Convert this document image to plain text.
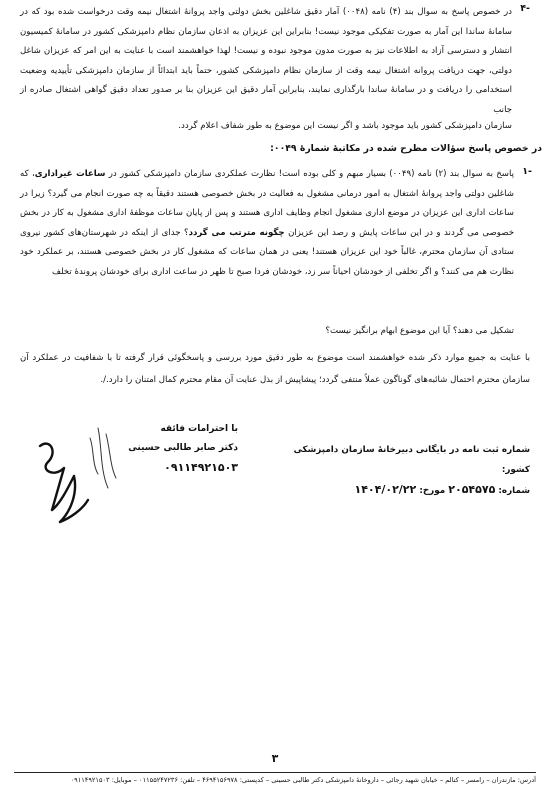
-۴
در خصوص پاسخ به سوال بند (۴) نامه (۰۰۴۸) آمار دقیق شاغلین بخش دولتی واجد پروانۀ اشتغال نیمه وقت درخواست شده بود که در سامانۀ ساندا این آمار به صورت تفکیکی موجود نیست! بنابراین این عزیزان به اذعان سازمان نظام دامپزشکی کشور در سامانۀ کمیسیون انتشار و دسترسی آزاد به اطلاعات نیز به صورت مدون موجود نبوده و نیست! لهذا خواهشمند است با عنایت به این امر که عزیزان شاغل دولتی، جهت دریافت پروانه اشتغال نیمه وقت از سازمان نظام دامپزشکی کشور، حتماً باید ابتدائاً از سازمان دامپزشکی تأییدیه وضعیت استخدامی را دریافت و در سامانۀ ساندا بارگذاری نمایند، بنابراین آمار دقیق این عزیزان بنا بر صدور تعداد دقیق گواهی اشتغال صادره از جانب
سازمان دامپزشکی کشور باید موجود باشد و اگر نیست این موضوع به طور شفاف اعلام گردد.
در خصوص پاسخ سؤالات مطرح شده در مکاتبۀ شمارۀ ۰۰۴۹:
-۱
پاسخ به سوال بند (۲) نامه (۰۰۴۹) بسیار مبهم و کلی بوده است! نظارت عملکردی سازمان دامپزشکی کشور در ساعات غیراداری، که شاغلین دولتی واجد پروانۀ اشتغال به امور درمانی مشغول به فعالیت در بخش خصوصی هستند دقیقاً به چه صورت انجام می گیرد؟ زیرا در ساعات اداری این عزیزان در موضع اداری مشغول انجام وظایف اداری هستند و پس از پایان ساعات موظفۀ اداری مشغول به کار در بخش خصوصی می گردند و در این ساعات پایش و رصد این عزیزان چگونه مترتب می گردد؟ جدای از اینکه در شهرستان‌های کشور نیروی ستادی آن سازمان محترم، غالباً خود این عزیزان هستند! یعنی در همان ساعات که مشغول کار در بخش خصوصی هستند، بر عملکرد خود نظارت هم می کنند؟ و اگر تخلفی از خودشان احیاناً سر زد، خودشان فردا صبح تا ظهر در ساعت اداری برای خودشان پروندۀ تخلف
تشکیل می دهند؟ آیا این موضوع ابهام برانگیز نیست؟
با عنایت به جمیع موارد ذکر شده خواهشمند است موضوع به طور دقیق مورد بررسی و پاسخگوئی قرار گرفته تا با شفافیت در عملکرد آن سازمان محترم احتمال شائبه‌های گوناگون عملاً منتفی گردد؛ پیشاپیش از بذل عنایت آن مقام محترم کمال امتنان را دارد./.
با احترامات فائقه
دکتر صابر طالبی حسینی
۰۹۱۱۴۹۲۱۵۰۳
شماره ثبت نامه در بایگانی دبیرخانۀ سازمان دامپزشکی کشور:
شماره: ۲۰۵۴۵۷۵ مورخ: ۱۴۰۴/۰۲/۲۲
۳
آدرس: مازندران – رامسر – کتالم – خیابان شهید رجائی – داروخانۀ دامپزشکی دکتر طالبی حسینی – کدپستی: ۴۶۹۴۱۵۶۹۷۸ – تلفن: ۰۱۱۵۵۲۴۷۲۳۶ – موبایل: ۰۹۱۱۴۹۲۱۵۰۳
